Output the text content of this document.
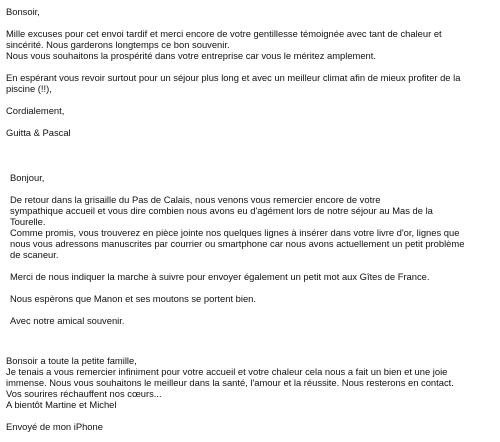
Bonsoir,
Mille excuses pour cet envoi tardif et merci encore de votre gentillesse témoignée avec tant de chaleur et
sincérité. Nous garderons longtemps ce bon souvenir.
Nous vous souhaitons la prospérité dans votre entreprise car vous le méritez amplement.
En espérant vous revoir surtout pour un séjour plus long et avec un meilleur climat afin de mieux profiter de la
piscine (!!),
Cordialement,
Guitta & Pascal
Bonjour,
De retour dans la grisaille du Pas de Calais, nous venons vous remercier encore de votre
sympathique accueil et vous dire combien nous avons eu d'agément lors de notre séjour au Mas de la
Tourelle.
Comme promis, vous trouverez en pièce jointe nos quelques lignes à insérer dans votre livre d'or, lignes que
nous vous adressons manuscrites par courrier ou smartphone car nous avons actuellement un petit problème
de scaneur.
Merci de nous indiquer la marche à suivre pour envoyer également un petit mot aux Gîtes de France.
Nous espèrons que Manon et ses moutons se portent bien.
Avec notre amical souvenir.
Bonsoir a toute la petite famille,
Je tenais a vous remercier infiniment pour votre accueil et votre chaleur cela nous a fait un bien et une joie
immense. Nous vous souhaitons le meilleur dans la santé, l'amour et la réussite. Nous resterons en contact.
Vos sourires réchauffent nos cœurs...
A bientôt Martine et Michel
Envoyé de mon iPhone
